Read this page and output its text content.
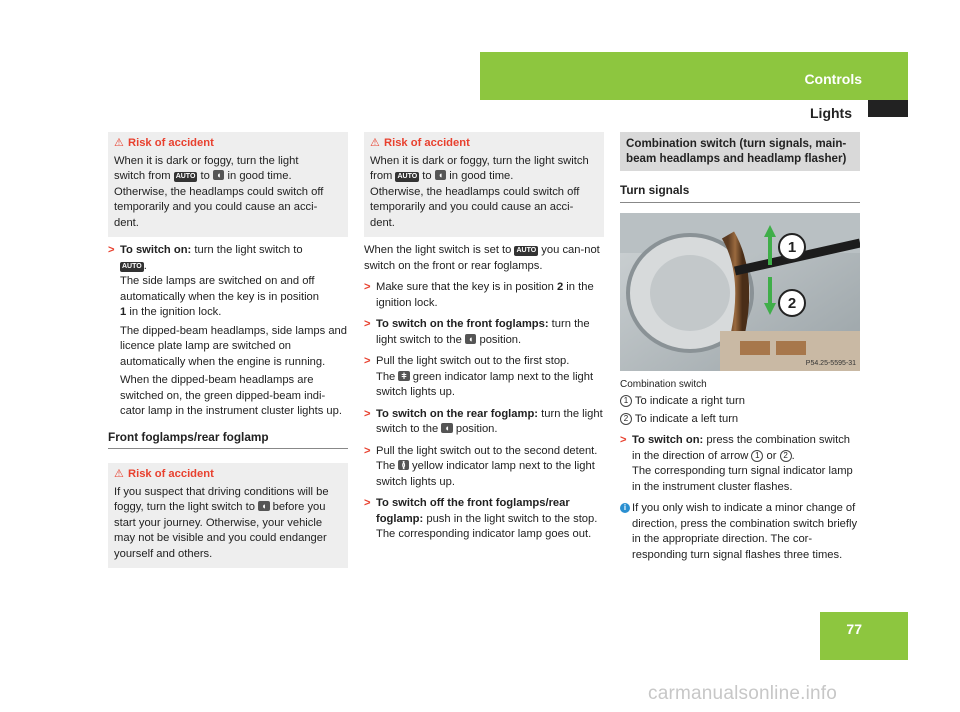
Controls
Lights
⚠ Risk of accident

When it is dark or foggy, turn the light
switch from AUTO to ◖ in good time.
Otherwise, the headlamps could switch off temporarily and you could cause an acci-dent.

> To switch on: turn the light switch to
AUTO .
The side lamps are switched on and off automatically when the key is in position
1 in the ignition lock.

The dipped-beam headlamps, side lamps and licence plate lamp are switched on automatically when the engine is running.

When the dipped-beam headlamps are switched on, the green dipped-beam indi-cator lamp in the instrument cluster lights up.

Front foglamps/rear foglamp
⚠ Risk of accident

If you suspect that driving conditions will be foggy, turn the light switch to ◖ before you start your journey. Otherwise, your vehicle may not be visible and you could endanger yourself and others.

⚠ Risk of accident

When it is dark or foggy, turn the light switch from AUTO to ◖ in good time.
Otherwise, the headlamps could switch off temporarily and you could cause an acci-dent.

When the light switch is set to AUTO you can-not switch on the front or rear foglamps.

> Make sure that the key is in position 2 in the ignition lock.
> To switch on the front foglamps: turn the light switch to the ◖ position.
> Pull the light switch out to the first stop.
The ǂ green indicator lamp next to the light switch lights up.
> To switch on the rear foglamp: turn the light switch to the ◖ position.
> Pull the light switch out to the second detent.
The ≬ yellow indicator lamp next to the light switch lights up.
> To switch off the front foglamps/rear foglamp: push in the light switch to the stop.
The corresponding indicator lamp goes out.
Combination switch (turn signals, main-beam headlamps and headlamp flasher)
Turn signals
1
2
P54.25-5595-31
Combination switch

1 To indicate a right turn

2 To indicate a left turn

> To switch on: press the combination switch in the direction of arrow 1 or 2 .
The corresponding turn signal indicator lamp in the instrument cluster flashes.
i If you only wish to indicate a minor change of direction, press the combination switch briefly in the appropriate direction. The cor-responding turn signal flashes three times.
77
carmanualsonline.info
